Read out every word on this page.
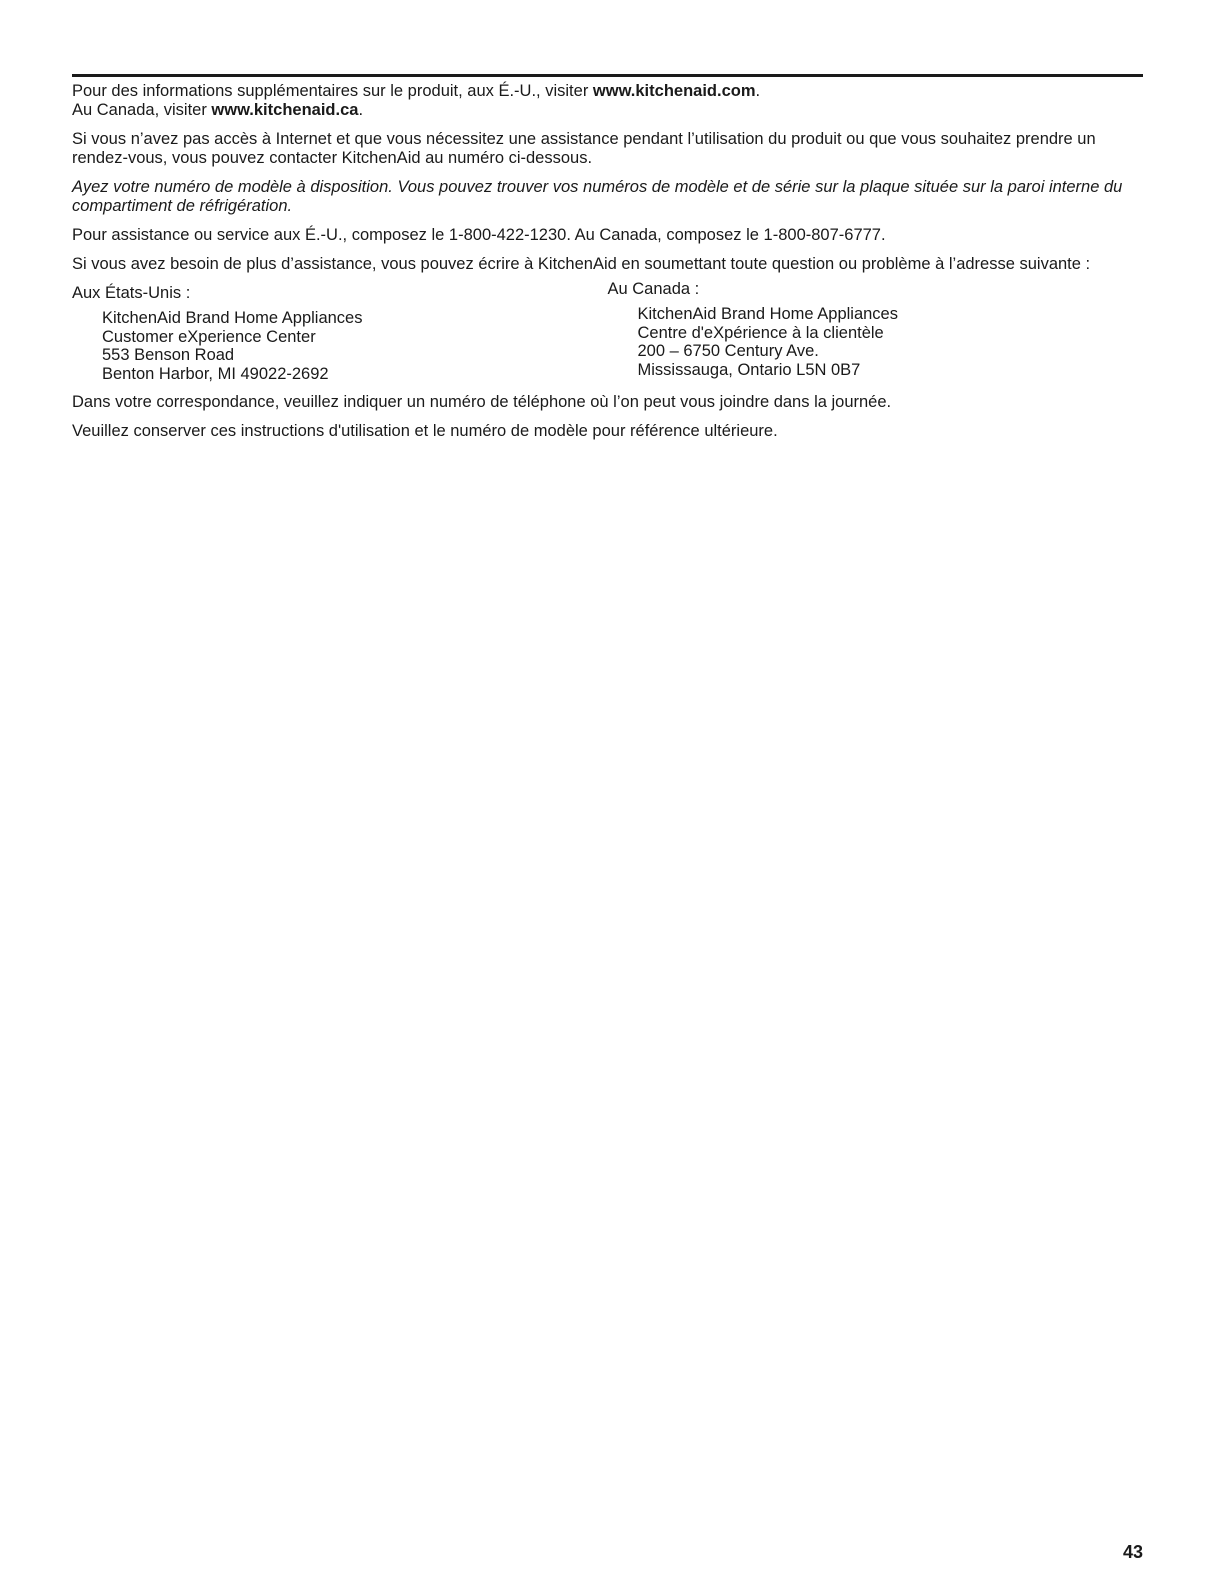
Pour des informations supplémentaires sur le produit, aux É.-U., visiter www.kitchenaid.com.
Au Canada, visiter www.kitchenaid.ca.

Si vous n’avez pas accès à Internet et que vous nécessitez une assistance pendant l’utilisation du produit ou que vous souhaitez prendre un rendez-vous, vous pouvez contacter KitchenAid au numéro ci-dessous.

Ayez votre numéro de modèle à disposition. Vous pouvez trouver vos numéros de modèle et de série sur la plaque située sur la paroi interne du compartiment de réfrigération.

Pour assistance ou service aux É.-U., composez le 1-800-422-1230. Au Canada, composez le 1-800-807-6777.

Si vous avez besoin de plus d’assistance, vous pouvez écrire à KitchenAid en soumettant toute question ou problème à l’adresse suivante :

Aux États-Unis :
KitchenAid Brand Home Appliances
Customer eXperience Center
553 Benson Road
Benton Harbor, MI 49022-2692
Au Canada :
KitchenAid Brand Home Appliances
Centre d'eXpérience à la clientèle
200 – 6750 Century Ave.
Mississauga, Ontario L5N 0B7

Dans votre correspondance, veuillez indiquer un numéro de téléphone où l’on peut vous joindre dans la journée.

Veuillez conserver ces instructions d'utilisation et le numéro de modèle pour référence ultérieure.

43
